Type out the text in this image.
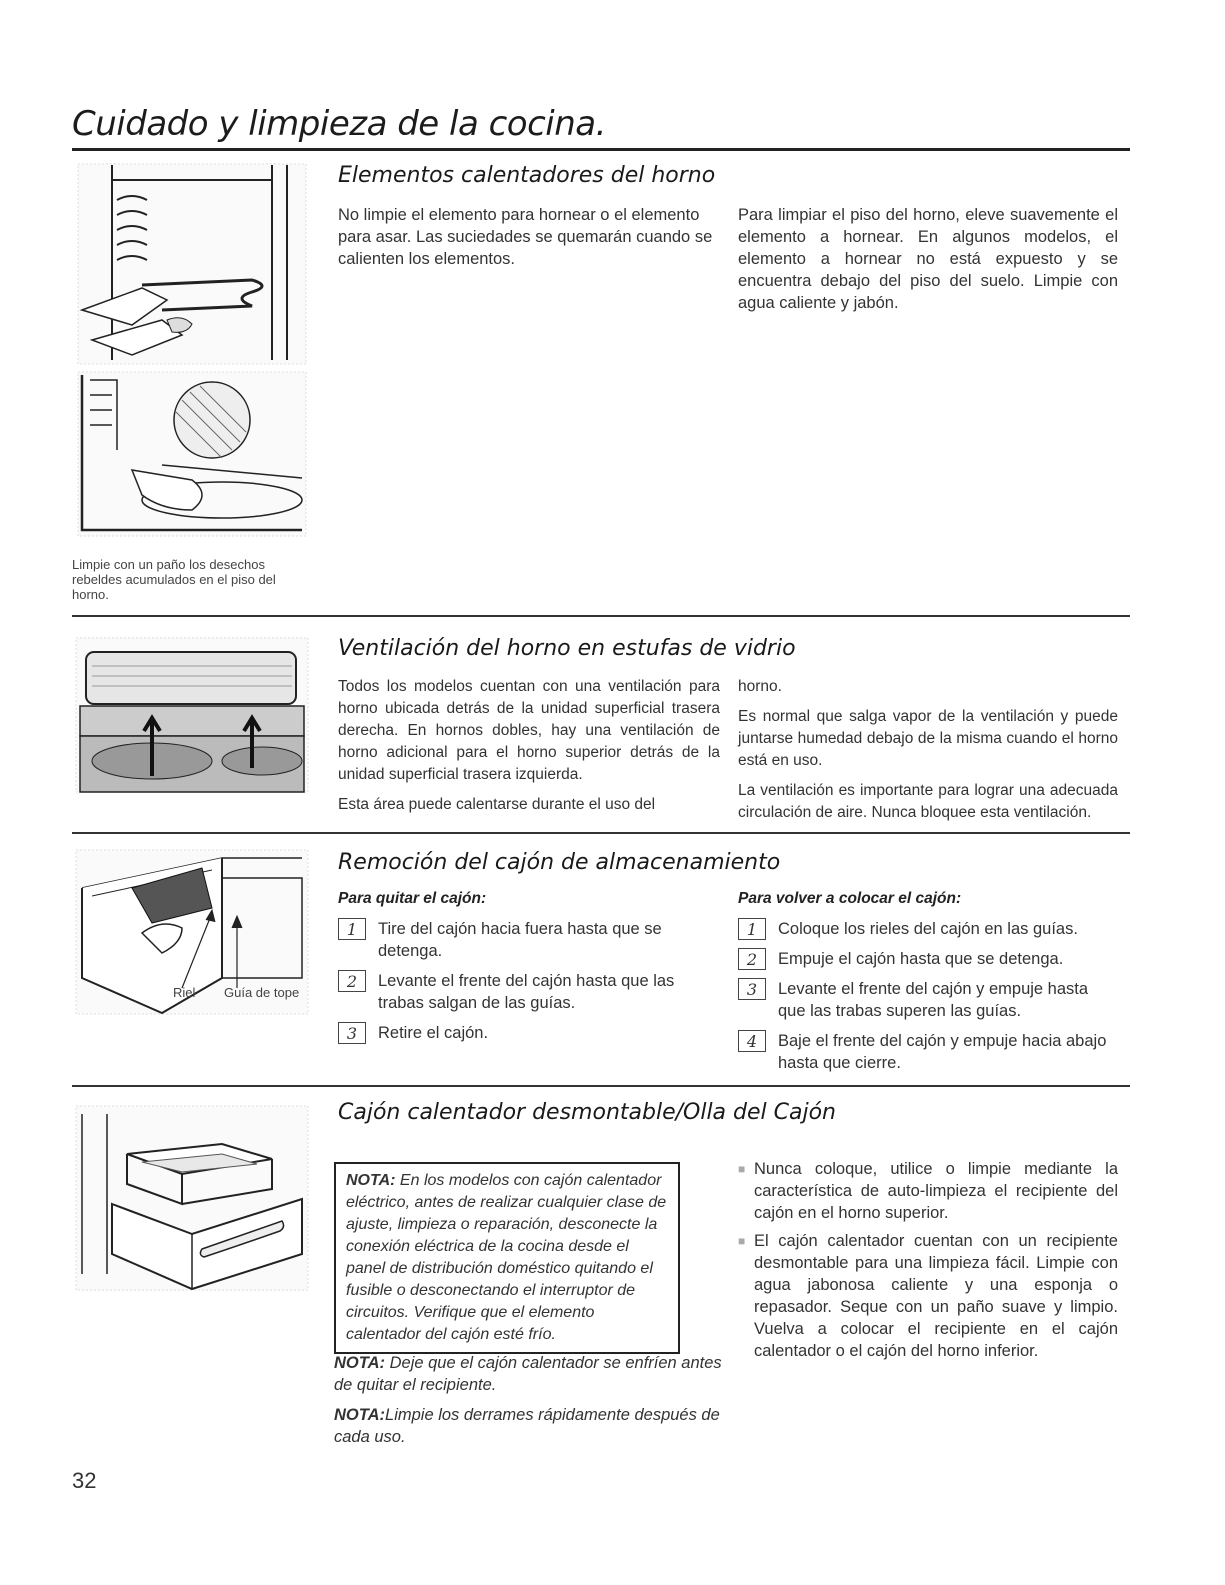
Cuidado y limpieza de la cocina.
Limpie con un paño los desechos rebeldes acumulados en el piso del horno.
Elementos calentadores del horno

No limpie el elemento para hornear o el elemento para asar. Las suciedades se quemarán cuando se calienten los elementos.

Para limpiar el piso del horno, eleve suavemente el elemento a hornear. En algunos modelos, el elemento a hornear no está expuesto y se encuentra debajo del piso del suelo. Limpie con agua caliente y jabón.

Ventilación del horno en estufas de vidrio

Todos los modelos cuentan con una ventilación para horno ubicada detrás de la unidad superficial trasera derecha. En hornos dobles, hay una ventilación de horno adicional para el horno superior detrás de la unidad superficial trasera izquierda.

Esta área puede calentarse durante el uso del

horno.

Es normal que salga vapor de la ventilación y puede juntarse humedad debajo de la misma cuando el horno está en uso.

La ventilación es importante para lograr una adecuada circulación de aire. Nunca bloquee esta ventilación.

Riel Guía de tope
Remoción del cajón de almacenamiento
Para quitar el cajón:
1	Tire del cajón hacia fuera hasta que se detenga.
2	Levante el frente del cajón hasta que las trabas salgan de las guías.
3	Retire el cajón.
Para volver a colocar el cajón:
1	Coloque los rieles del cajón en las guías.
2	Empuje el cajón hasta que se detenga.
3	Levante el frente del cajón y empuje hasta que las trabas superen las guías.
4	Baje el frente del cajón y empuje hacia abajo hasta que cierre.
Cajón calentador desmontable/Olla del Cajón
NOTA: En los modelos con cajón calentador eléctrico, antes de realizar cualquier clase de ajuste, limpieza o reparación, desconecte la conexión eléctrica de la cocina desde el panel de distribución doméstico quitando el fusible o desconectando el interruptor de circuitos. Verifique que el elemento calentador del cajón esté frío.

NOTA: Deje que el cajón calentador se enfríen antes de quitar el recipiente.

NOTA:Limpie los derrames rápidamente después de cada uso.

■ Nunca coloque, utilice o limpie mediante la característica de auto-limpieza el recipiente del cajón en el horno superior.
■ El cajón calentador cuentan con un recipiente desmontable para una limpieza fácil. Limpie con agua jabonosa caliente y una esponja o repasador. Seque con un paño suave y limpio. Vuelva a colocar el recipiente en el cajón calentador o el cajón del horno inferior.
32
